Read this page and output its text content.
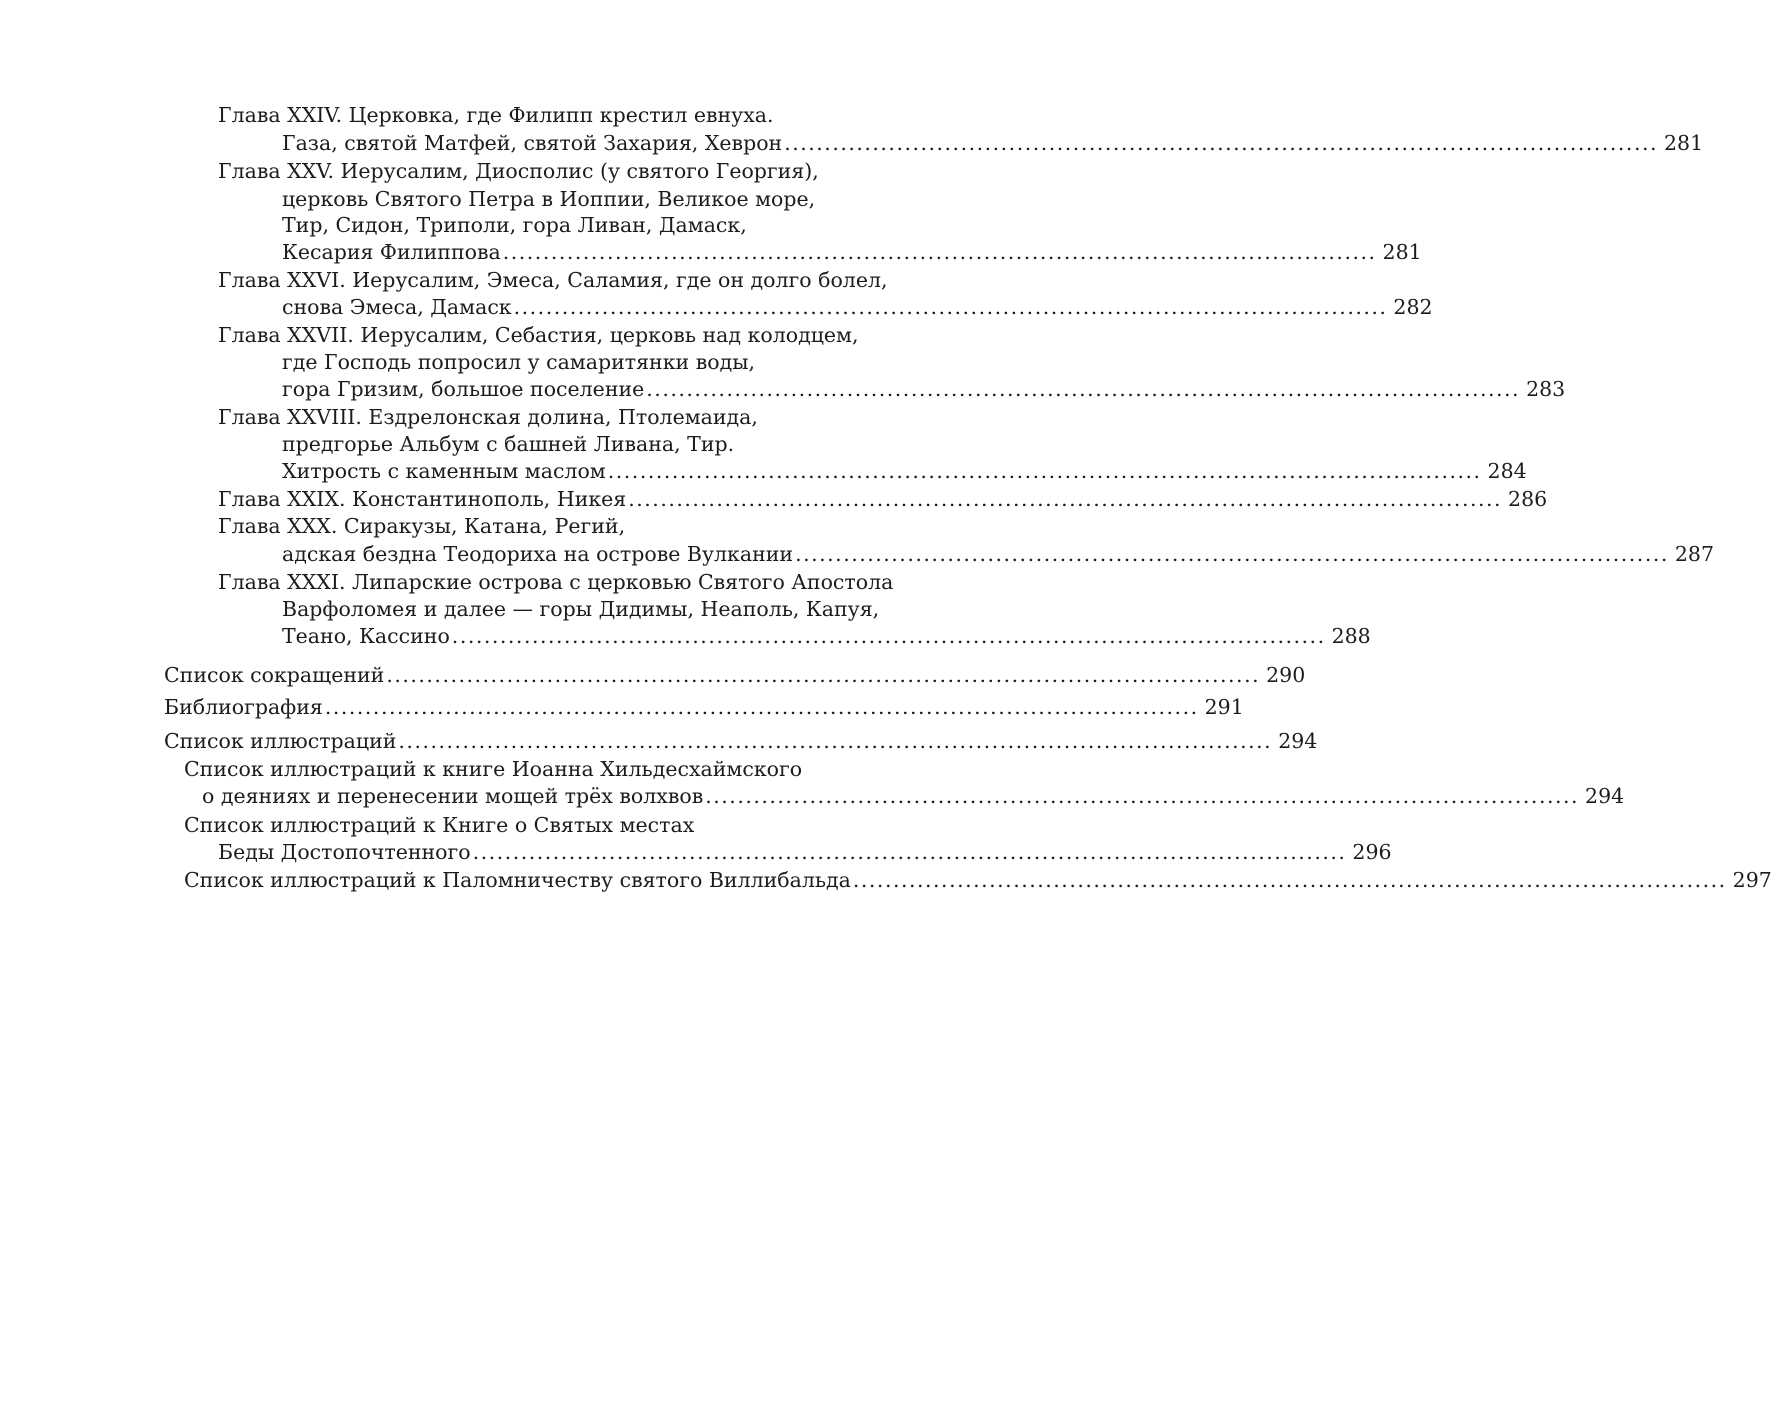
Глава XXIV. Церковка, где Филипп крестил евнуха.
Газа, святой Матфей, святой Захария, Хеврон ............................................................................................................. 281
Глава XXV. Иерусалим, Диосполис (у святого Георгия),
церковь Святого Петра в Иоппии, Великое море,
Тир, Сидон, Триполи, гора Ливан, Дамаск,
Кесария Филиппова ............................................................................................................. 281
Глава XXVI. Иерусалим, Эмеса, Саламия, где он долго болел,
снова Эмеса, Дамаск ............................................................................................................. 282
Глава XXVII. Иерусалим, Себастия, церковь над колодцем,
где Господь попросил у самаритянки воды,
гора Гризим, большое поселение ............................................................................................................. 283
Глава XXVIII. Ездрелонская долина, Птолемаида,
предгорье Альбум с башней Ливана, Тир.
Хитрость с каменным маслом ............................................................................................................. 284
Глава XXIX. Константинополь, Никея ............................................................................................................. 286
Глава XXX. Сиракузы, Катана, Регий,
адская бездна Теодориха на острове Вулкании ............................................................................................................. 287
Глава XXXI. Липарские острова с церковью Святого Апостола
Варфоломея и далее — горы Дидимы, Неаполь, Капуя,
Теано, Кассино ............................................................................................................. 288
Список сокращений ............................................................................................................. 290
Библиография ............................................................................................................. 291
Список иллюстраций ............................................................................................................. 294
Список иллюстраций к книге Иоанна Хильдесхаймского
о деяниях и перенесении мощей трёх волхвов ............................................................................................................. 294
Список иллюстраций к Книге о Святых местах
Беды Достопочтенного ............................................................................................................. 296
Список иллюстраций к Паломничеству святого Виллибальда ............................................................................................................. 297
